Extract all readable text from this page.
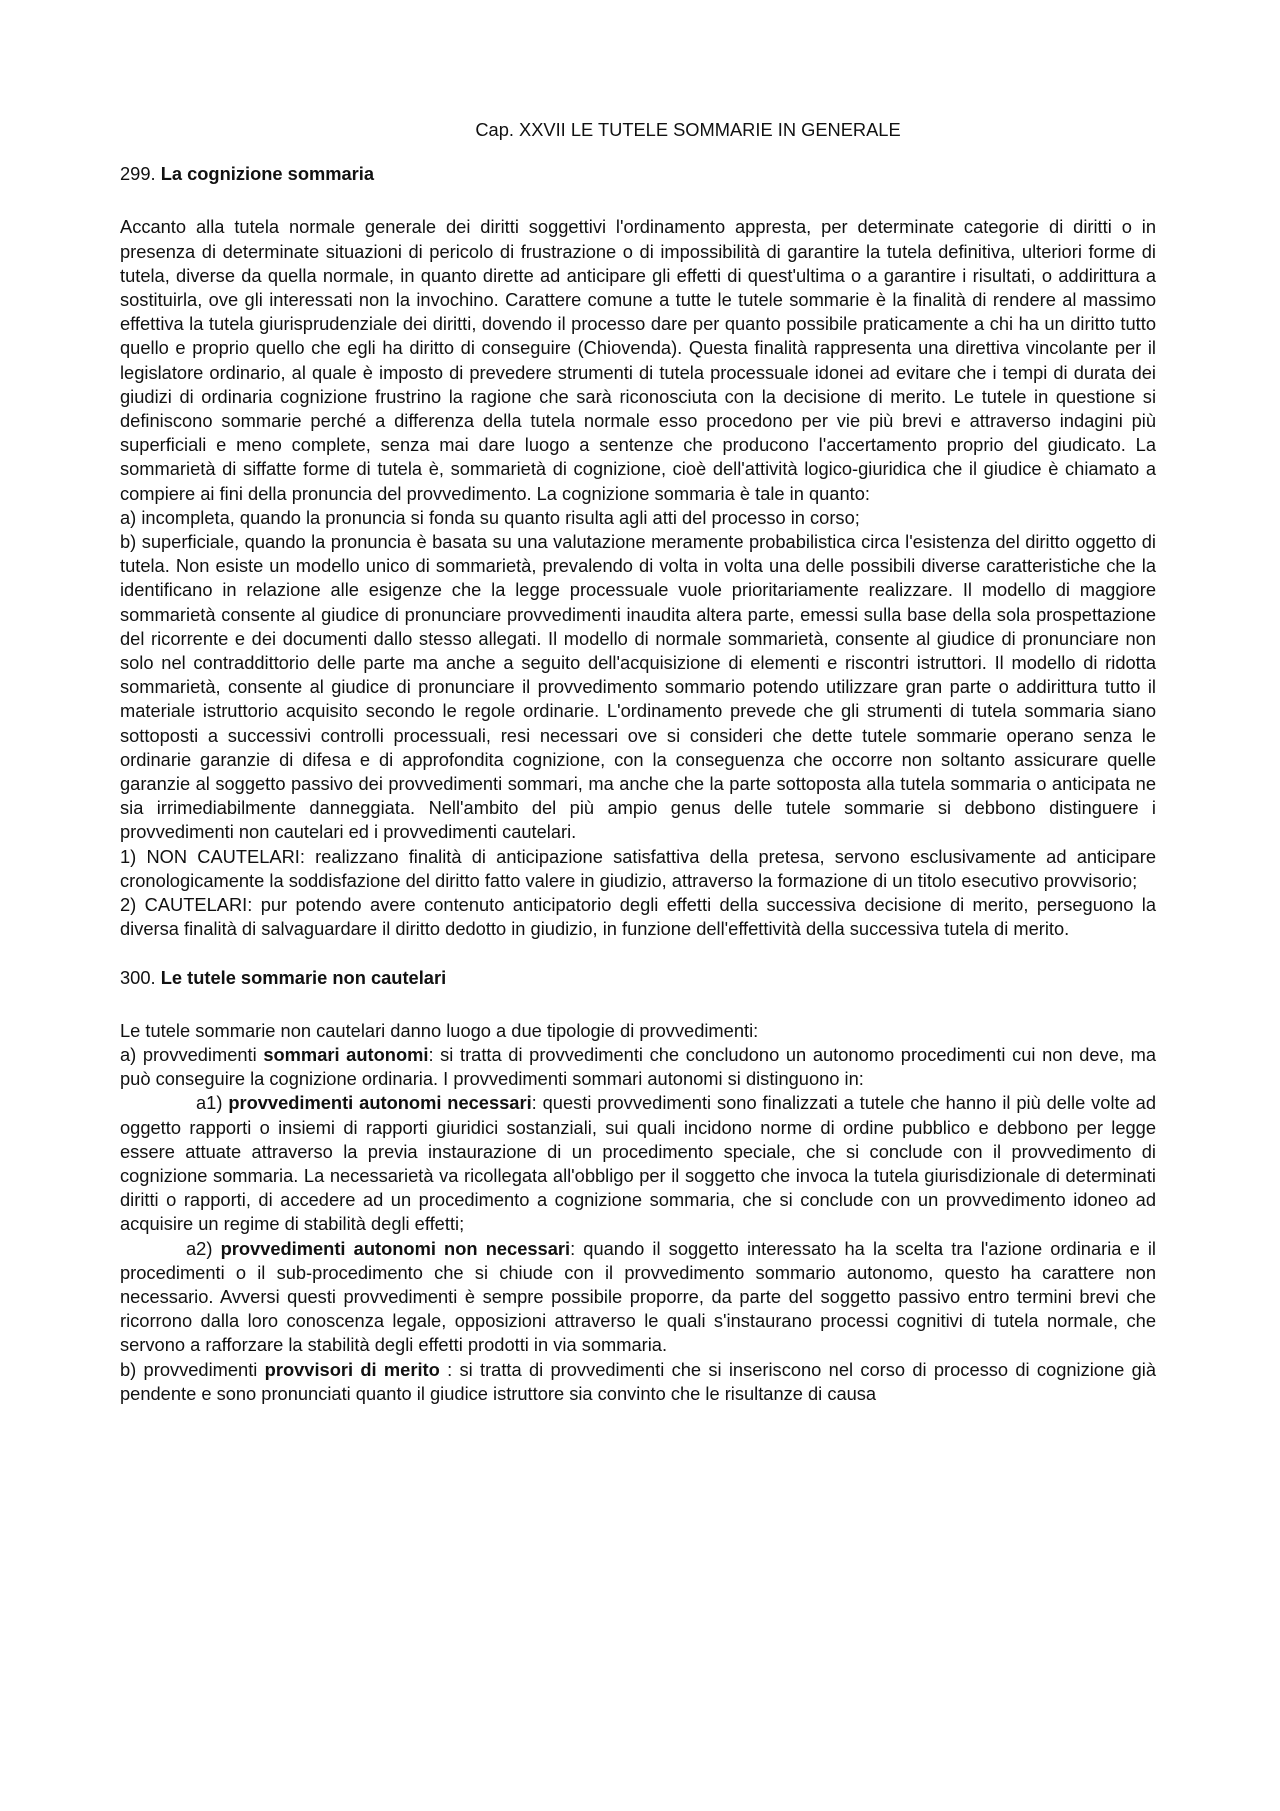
Cap. XXVII LE TUTELE SOMMARIE IN GENERALE

299. La cognizione sommaria

Accanto alla tutela normale generale dei diritti soggettivi l'ordinamento appresta, per determinate categorie di diritti o in presenza di determinate situazioni di pericolo di frustrazione o di impossibilità di garantire la tutela definitiva, ulteriori forme di tutela, diverse da quella normale, in quanto dirette ad anticipare gli effetti di quest'ultima o a garantire i risultati, o addirittura a sostituirla, ove gli interessati non la invochino. Carattere comune a tutte le tutele sommarie è la finalità di rendere al massimo effettiva la tutela giurisprudenziale dei diritti, dovendo il processo dare per quanto possibile praticamente a chi ha un diritto tutto quello e proprio quello che egli ha diritto di conseguire (Chiovenda). Questa finalità rappresenta una direttiva vincolante per il legislatore ordinario, al quale è imposto di prevedere strumenti di tutela processuale idonei ad evitare che i tempi di durata dei giudizi di ordinaria cognizione frustrino la ragione che sarà riconosciuta con la decisione di merito. Le tutele in questione si definiscono sommarie perché a differenza della tutela normale esso procedono per vie più brevi e attraverso indagini più superficiali e meno complete, senza mai dare luogo a sentenze che producono l'accertamento proprio del giudicato. La sommarietà di siffatte forme di tutela è, sommarietà di cognizione, cioè dell'attività logico-giuridica che il giudice è chiamato a compiere ai fini della pronuncia del provvedimento. La cognizione sommaria è tale in quanto:

a) incompleta, quando la pronuncia si fonda su quanto risulta agli atti del processo in corso;

b) superficiale, quando la pronuncia è basata su una valutazione meramente probabilistica circa l'esistenza del diritto oggetto di tutela. Non esiste un modello unico di sommarietà, prevalendo di volta in volta una delle possibili diverse caratteristiche che la identificano in relazione alle esigenze che la legge processuale vuole prioritariamente realizzare. Il modello di maggiore sommarietà consente al giudice di pronunciare provvedimenti inaudita altera parte, emessi sulla base della sola prospettazione del ricorrente e dei documenti dallo stesso allegati. Il modello di normale sommarietà, consente al giudice di pronunciare non solo nel contraddittorio delle parte ma anche a seguito dell'acquisizione di elementi e riscontri istruttori. Il modello di ridotta sommarietà, consente al giudice di pronunciare il provvedimento sommario potendo utilizzare gran parte o addirittura tutto il materiale istruttorio acquisito secondo le regole ordinarie. L'ordinamento prevede che gli strumenti di tutela sommaria siano sottoposti a successivi controlli processuali, resi necessari ove si consideri che dette tutele sommarie operano senza le ordinarie garanzie di difesa e di approfondita cognizione, con la conseguenza che occorre non soltanto assicurare quelle garanzie al soggetto passivo dei provvedimenti sommari, ma anche che la parte sottoposta alla tutela sommaria o anticipata ne sia irrimediabilmente danneggiata. Nell'ambito del più ampio genus delle tutele sommarie si debbono distinguere i provvedimenti non cautelari ed i provvedimenti cautelari.

1) NON CAUTELARI: realizzano finalità di anticipazione satisfattiva della pretesa, servono esclusivamente ad anticipare cronologicamente la soddisfazione del diritto fatto valere in giudizio, attraverso la formazione di un titolo esecutivo provvisorio;

2) CAUTELARI: pur potendo avere contenuto anticipatorio degli effetti della successiva decisione di merito, perseguono la diversa finalità di salvaguardare il diritto dedotto in giudizio, in funzione dell'effettività della successiva tutela di merito.

300. Le tutele sommarie non cautelari

Le tutele sommarie non cautelari danno luogo a due tipologie di provvedimenti:

a) provvedimenti sommari autonomi: si tratta di provvedimenti che concludono un autonomo procedimenti cui non deve, ma può conseguire la cognizione ordinaria. I provvedimenti sommari autonomi si distinguono in:

a1) provvedimenti autonomi necessari: questi provvedimenti sono finalizzati a tutele che hanno il più delle volte ad oggetto rapporti o insiemi di rapporti giuridici sostanziali, sui quali incidono norme di ordine pubblico e debbono per legge essere attuate attraverso la previa instaurazione di un procedimento speciale, che si conclude con il provvedimento di cognizione sommaria. La necessarietà va ricollegata all'obbligo per il soggetto che invoca la tutela giurisdizionale di determinati diritti o rapporti, di accedere ad un procedimento a cognizione sommaria, che si conclude con un provvedimento idoneo ad acquisire un regime di stabilità degli effetti;

a2) provvedimenti autonomi non necessari: quando il soggetto interessato ha la scelta tra l'azione ordinaria e il procedimenti o il sub-procedimento che si chiude con il provvedimento sommario autonomo, questo ha carattere non necessario. Avversi questi provvedimenti è sempre possibile proporre, da parte del soggetto passivo entro termini brevi che ricorrono dalla loro conoscenza legale, opposizioni attraverso le quali s'instaurano processi cognitivi di tutela normale, che servono a rafforzare la stabilità degli effetti prodotti in via sommaria.

b) provvedimenti provvisori di merito : si tratta di provvedimenti che si inseriscono nel corso di processo di cognizione già pendente e sono pronunciati quanto il giudice istruttore sia convinto che le risultanze di causa
